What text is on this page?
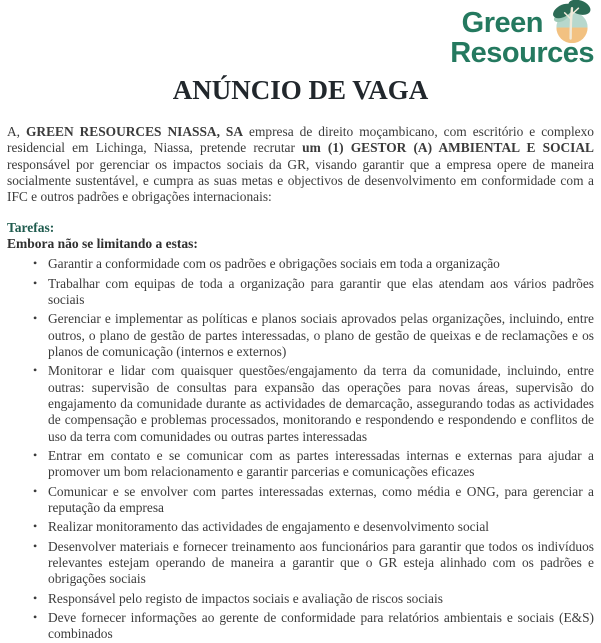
Green
Resources
ANÚNCIO DE VAGA

A, GREEN RESOURCES NIASSA, SA empresa de direito moçambicano, com escritório e complexo residencial em Lichinga, Niassa, pretende recrutar um (1) GESTOR (A) AMBIENTAL E SOCIAL responsável por gerenciar os impactos sociais da GR, visando garantir que a empresa opere de maneira socialmente sustentável, e cumpra as suas metas e objectivos de desenvolvimento em conformidade com a IFC e outros padrões e obrigações internacionais:

Tarefas:
Embora não se limitando a estas:
• Garantir a conformidade com os padrões e obrigações sociais em toda a organização
• Trabalhar com equipas de toda a organização para garantir que elas atendam aos vários padrões sociais
• Gerenciar e implementar as políticas e planos sociais aprovados pelas organizações, incluindo, entre outros, o plano de gestão de partes interessadas, o plano de gestão de queixas e de reclamações e os planos de comunicação (internos e externos)
• Monitorar e lidar com quaisquer questões/engajamento da terra da comunidade, incluindo, entre outras: supervisão de consultas para expansão das operações para novas áreas, supervisão do engajamento da comunidade durante as actividades de demarcação, assegurando todas as actividades de compensação e problemas processados, monitorando e respondendo e respondendo e conflitos de uso da terra com comunidades ou outras partes interessadas
• Entrar em contato e se comunicar com as partes interessadas internas e externas para ajudar a promover um bom relacionamento e garantir parcerias e comunicações eficazes
• Comunicar e se envolver com partes interessadas externas, como média e ONG, para gerenciar a reputação da empresa
• Realizar monitoramento das actividades de engajamento e desenvolvimento social
• Desenvolver materiais e fornecer treinamento aos funcionários para garantir que todos os indivíduos relevantes estejam operando de maneira a garantir que o GR esteja alinhado com os padrões e obrigações sociais
• Responsável pelo registo de impactos sociais e avaliação de riscos sociais
• Deve fornecer informações ao gerente de conformidade para relatórios ambientais e sociais (E&S) combinados
